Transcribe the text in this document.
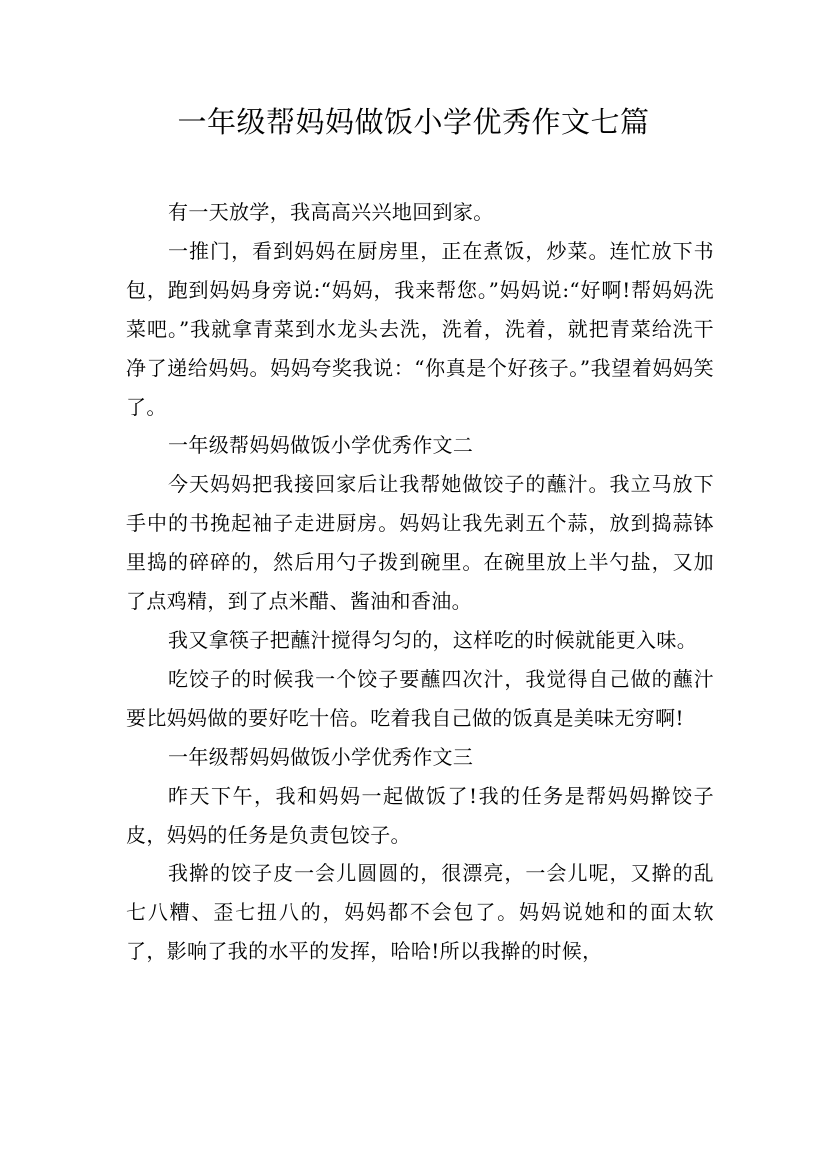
一年级帮妈妈做饭小学优秀作文七篇

有一天放学，我高高兴兴地回到家。

一推门，看到妈妈在厨房里，正在煮饭，炒菜。连忙放下书包，跑到妈妈身旁说:“妈妈，我来帮您。”妈妈说:“好啊!帮妈妈洗菜吧。”我就拿青菜到水龙头去洗，洗着，洗着，就把青菜给洗干净了递给妈妈。妈妈夸奖我说：“你真是个好孩子。”我望着妈妈笑了。

一年级帮妈妈做饭小学优秀作文二

今天妈妈把我接回家后让我帮她做饺子的蘸汁。我立马放下手中的书挽起袖子走进厨房。妈妈让我先剥五个蒜，放到捣蒜钵里捣的碎碎的，然后用勺子拨到碗里。在碗里放上半勺盐，又加了点鸡精，到了点米醋、酱油和香油。

我又拿筷子把蘸汁搅得匀匀的，这样吃的时候就能更入味。

吃饺子的时候我一个饺子要蘸四次汁，我觉得自己做的蘸汁要比妈妈做的要好吃十倍。吃着我自己做的饭真是美味无穷啊!

一年级帮妈妈做饭小学优秀作文三

昨天下午，我和妈妈一起做饭了!我的任务是帮妈妈擀饺子皮，妈妈的任务是负责包饺子。

我擀的饺子皮一会儿圆圆的，很漂亮，一会儿呢，又擀的乱七八糟、歪七扭八的，妈妈都不会包了。妈妈说她和的面太软了，影响了我的水平的发挥，哈哈!所以我擀的时候，
